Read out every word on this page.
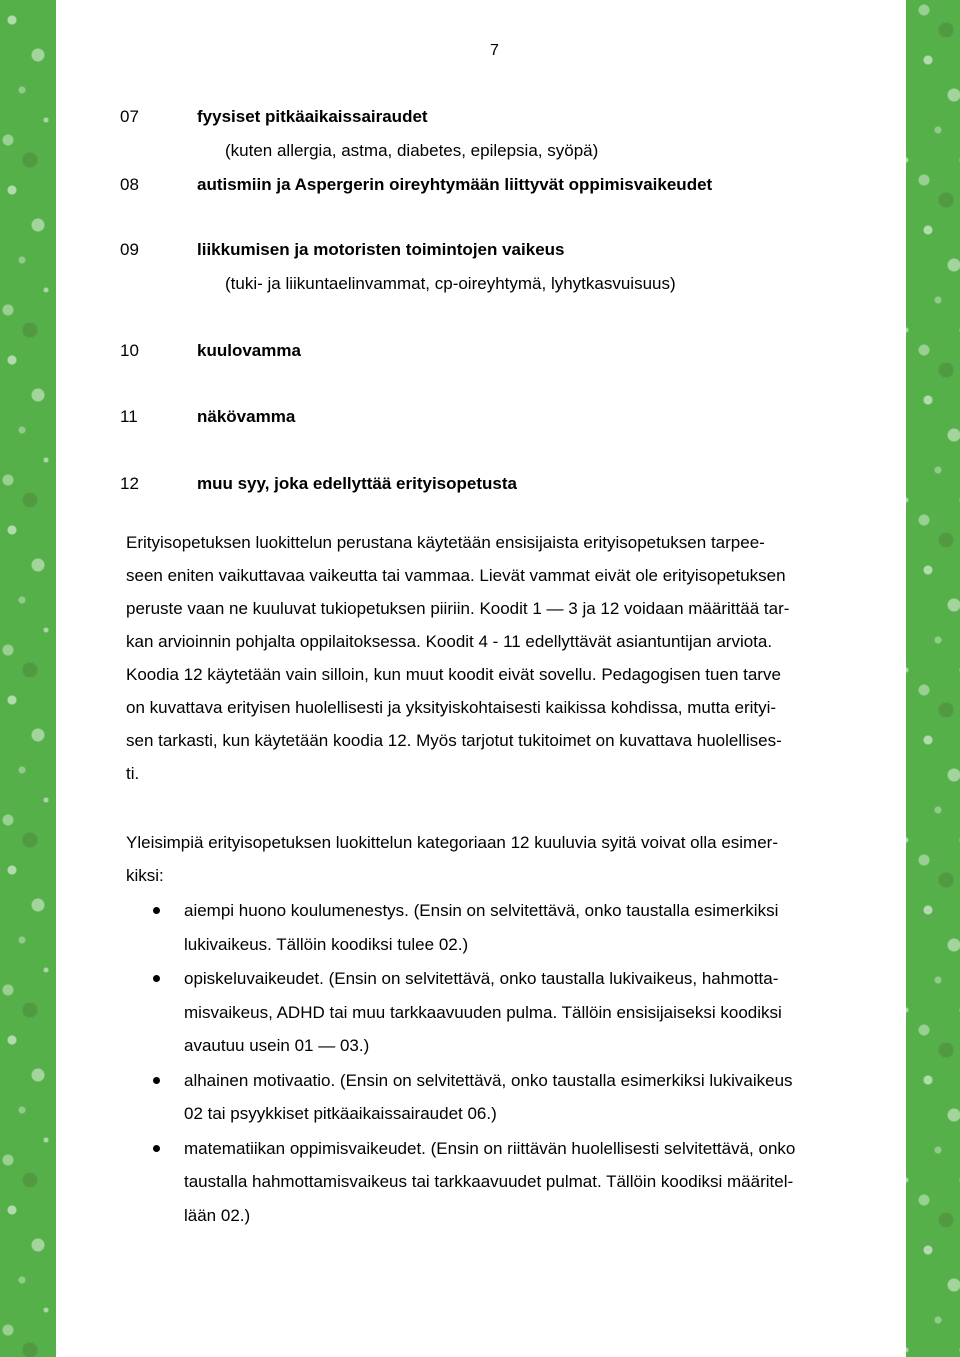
7
07	fyysiset pitkäaikaissairaudet
(kuten allergia, astma, diabetes, epilepsia, syöpä)
08	autismiin ja Aspergerin oireyhtymään liittyvät oppimisvaikeudet
09	liikkumisen ja motoristen toimintojen vaikeus
(tuki- ja liikuntaelinvammat, cp-oireyhtymä, lyhytkasvuisuus)
10	kuulovamma
11	näkövamma
12	muu syy, joka edellyttää erityisopetusta
Erityisopetuksen luokittelun perustana käytetään ensisijaista erityisopetuksen tarpee-
seen eniten vaikuttavaa vaikeutta tai vammaa. Lievät vammat eivät ole erityisopetuksen
peruste vaan ne kuuluvat tukiopetuksen piiriin. Koodit 1 — 3 ja 12 voidaan määrittää tar-
kan arvioinnin pohjalta oppilaitoksessa. Koodit 4 - 11 edellyttävät asiantuntijan arviota.
Koodia 12 käytetään vain silloin, kun muut koodit eivät sovellu. Pedagogisen tuen tarve
on kuvattava erityisen huolellisesti ja yksityiskohtaisesti kaikissa kohdissa, mutta erityi-
sen tarkasti, kun käytetään koodia 12. Myös tarjotut tukitoimet on kuvattava huolellises-
ti.
Yleisimpiä erityisopetuksen luokittelun kategoriaan 12 kuuluvia syitä voivat olla esimer-
kiksi:
aiempi huono koulumenestys. (Ensin on selvitettävä, onko taustalla esimerkiksi
lukivaikeus. Tällöin koodiksi tulee 02.)
opiskeluvaikeudet. (Ensin on selvitettävä, onko taustalla lukivaikeus, hahmotta-
misvaikeus, ADHD tai muu tarkkaavuuden pulma. Tällöin ensisijaiseksi koodiksi
avautuu usein 01 — 03.)
alhainen motivaatio. (Ensin on selvitettävä, onko taustalla esimerkiksi lukivaikeus
02 tai psyykkiset pitkäaikaissairaudet 06.)
matematiikan oppimisvaikeudet. (Ensin on riittävän huolellisesti selvitettävä, onko
taustalla hahmottamisvaikeus tai tarkkaavuudet pulmat. Tällöin koodiksi määritel-
lään 02.)
